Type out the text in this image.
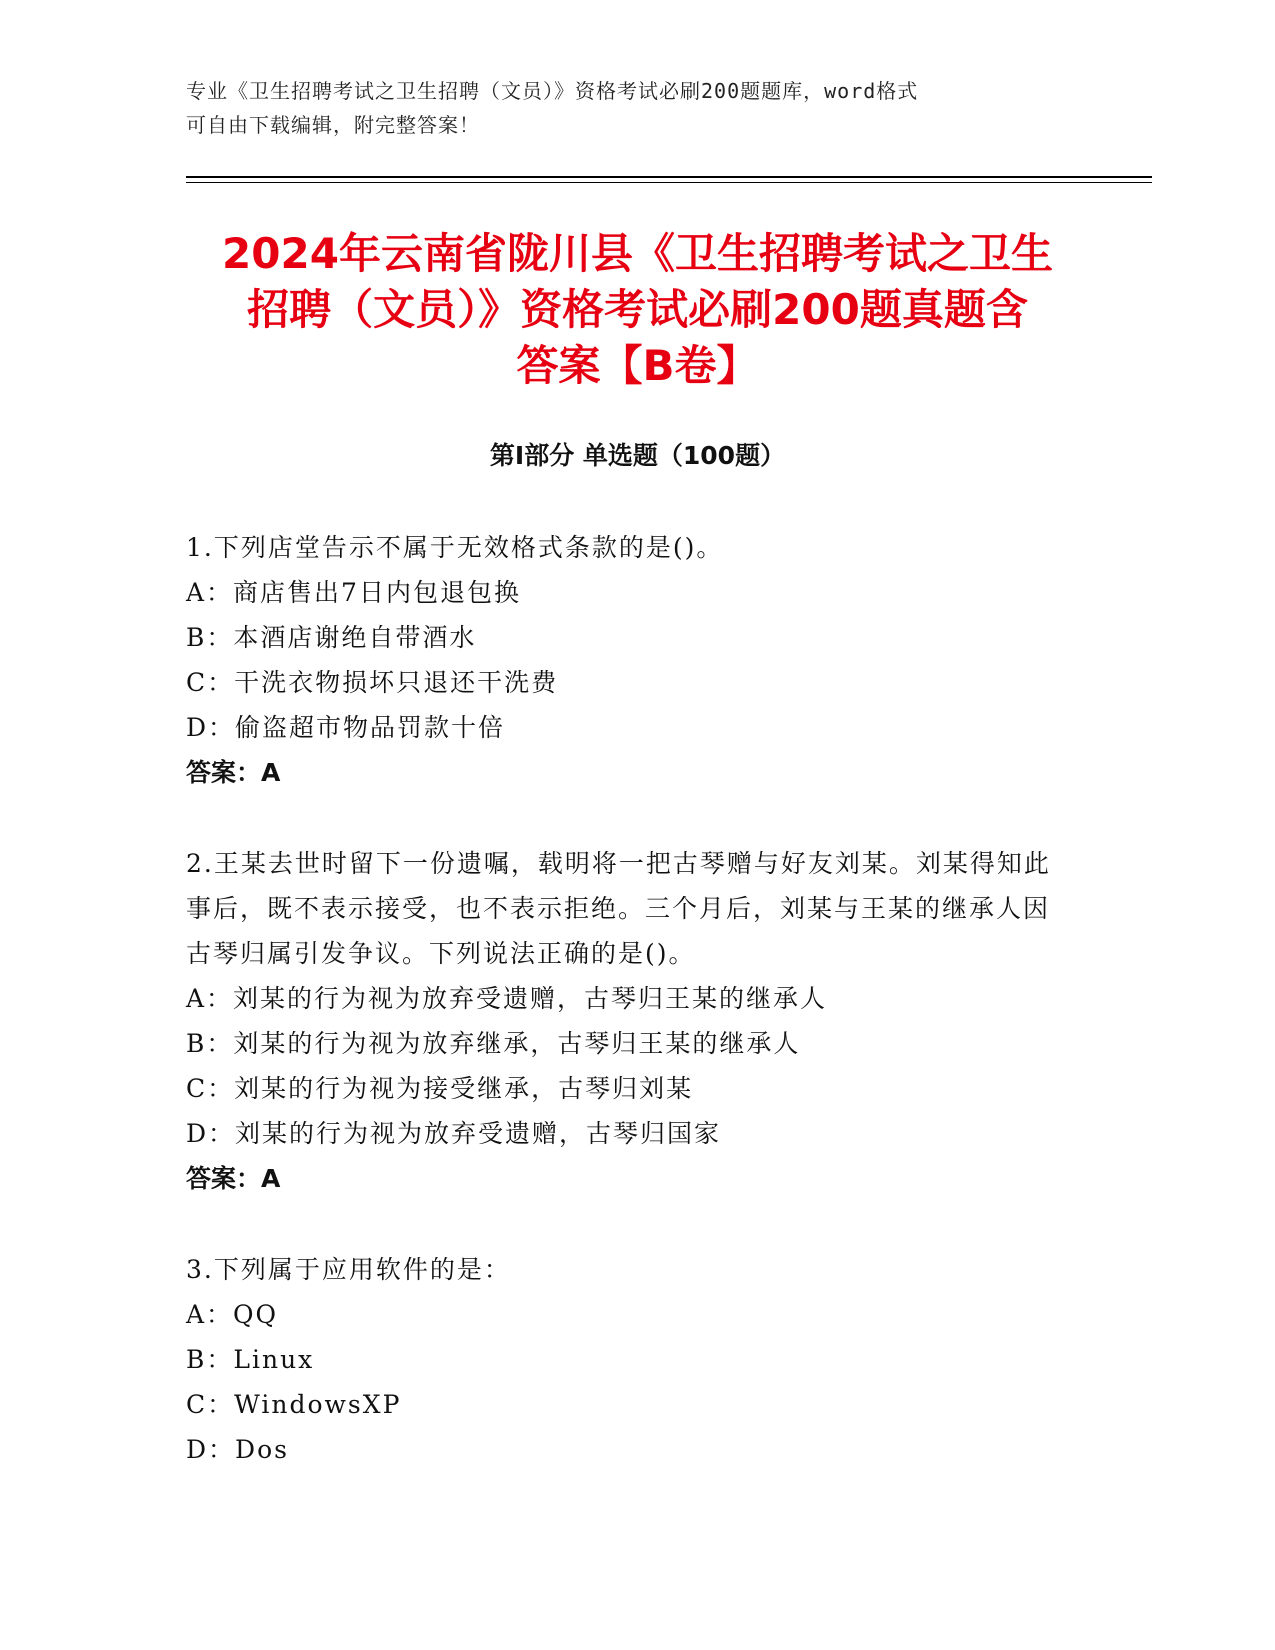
专业《卫生招聘考试之卫生招聘（文员）》资格考试必刷200题题库，word格式
可自由下载编辑，附完整答案！
2024年云南省陇川县《卫生招聘考试之卫生
招聘（文员）》资格考试必刷200题真题含
答案【B卷】
第Ⅰ部分 单选题（100题）
1.下列店堂告示不属于无效格式条款的是()。
A：商店售出7日内包退包换
B：本酒店谢绝自带酒水
C：干洗衣物损坏只退还干洗费
D：偷盗超市物品罚款十倍
答案：A
2.王某去世时留下一份遗嘱，载明将一把古琴赠与好友刘某。刘某得知此事后，既不表示接受，也不表示拒绝。三个月后，刘某与王某的继承人因古琴归属引发争议。下列说法正确的是()。
A：刘某的行为视为放弃受遗赠，古琴归王某的继承人
B：刘某的行为视为放弃继承，古琴归王某的继承人
C：刘某的行为视为接受继承，古琴归刘某
D：刘某的行为视为放弃受遗赠，古琴归国家
答案：A
3.下列属于应用软件的是：
A：QQ
B：Linux
C：WindowsXP
D：Dos
